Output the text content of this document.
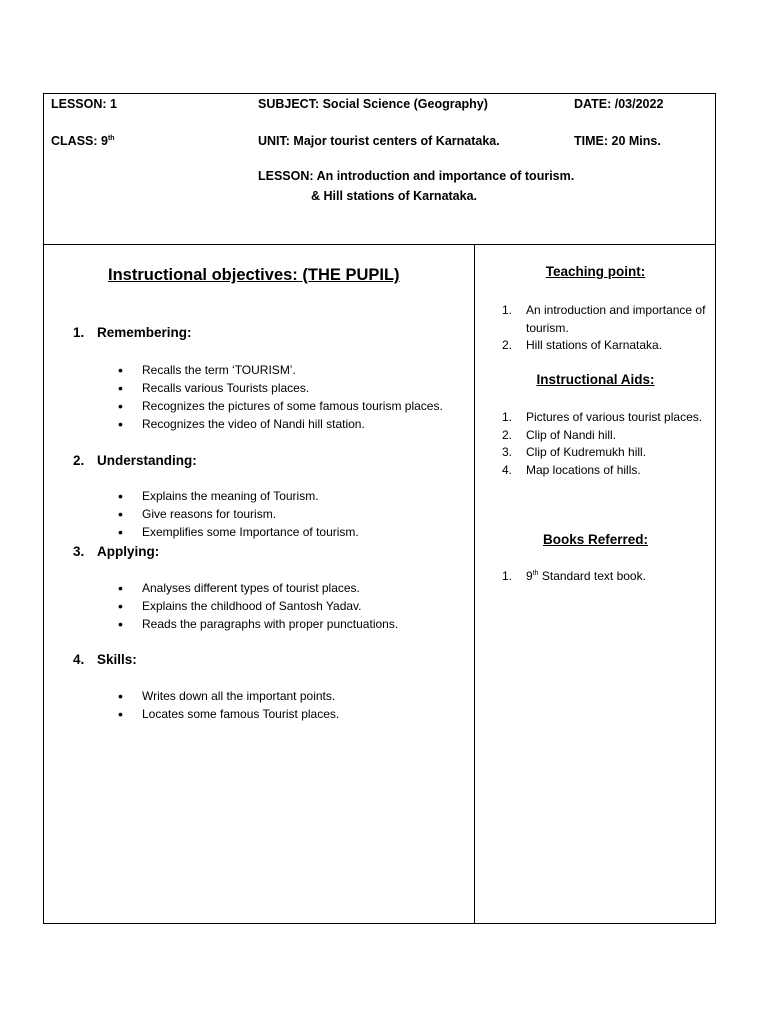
LESSON: 1	SUBJECT: Social Science (Geography)	DATE: /03/2022
CLASS: 9th	UNIT: Major tourist centers of Karnataka.	TIME: 20 Mins.
LESSON: An introduction and importance of tourism.
& Hill stations of Karnataka.
Instructional objectives: (THE PUPIL)
1. Remembering:
• Recalls the term ‘TOURISM’.
• Recalls various Tourists places.
• Recognizes the pictures of some famous tourism places.
• Recognizes the video of Nandi hill station.
2. Understanding:
• Explains the meaning of Tourism.
• Give reasons for tourism.
• Exemplifies some Importance of tourism.
3. Applying:
• Analyses different types of tourist places.
• Explains the childhood of Santosh Yadav.
• Reads the paragraphs with proper punctuations.
4. Skills:
• Writes down all the important points.
• Locates some famous Tourist places.
Teaching point:
1. An introduction and importance of tourism.
2. Hill stations of Karnataka.
Instructional Aids:
1. Pictures of various tourist places.
2. Clip of Nandi hill.
3. Clip of Kudremukh hill.
4. Map locations of hills.
Books Referred:
1. 9th Standard text book.
